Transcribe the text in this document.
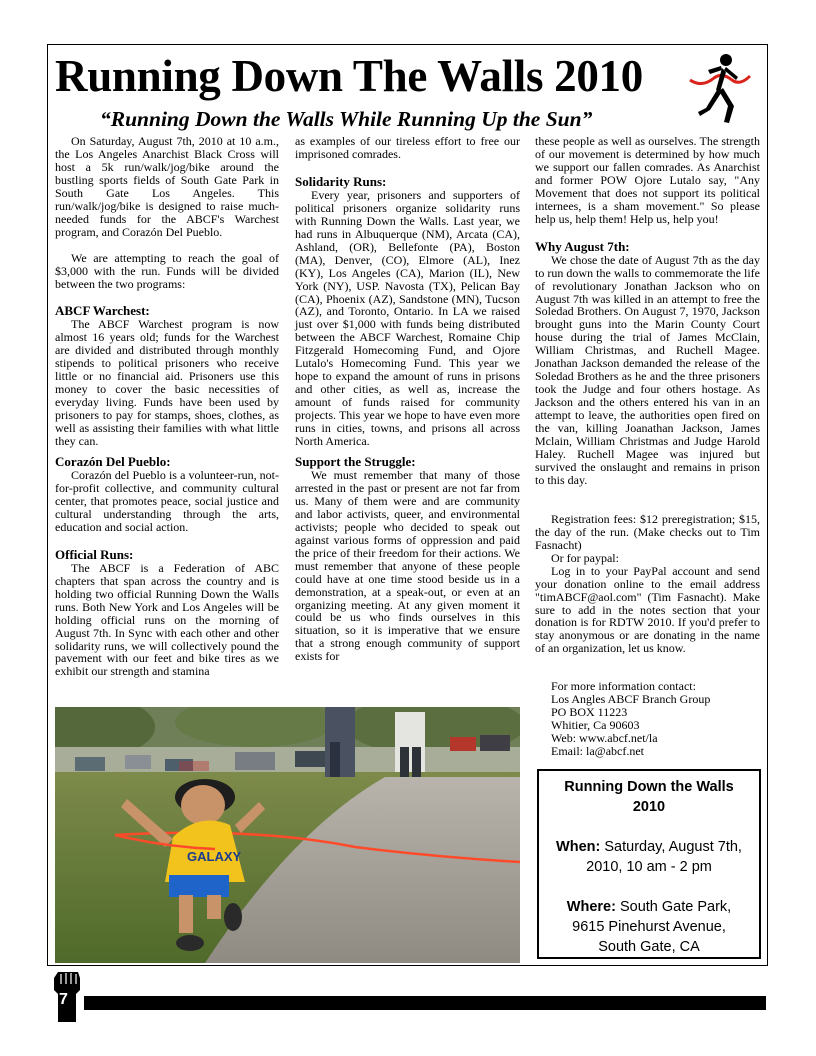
Running Down The Walls 2010
“Running Down the Walls While Running Up the Sun”

On Saturday, August 7th, 2010 at 10 a.m., the Los Angeles Anarchist Black Cross will host a 5k run/walk/jog/bike around the bustling sports fields of South Gate Park in South Gate Los Angeles. This run/walk/jog/bike is designed to raise much-needed funds for the ABCF's Warchest program, and Corazón Del Pueblo.

We are attempting to reach the goal of $3,000 with the run. Funds will be divided between the two programs:

ABCF Warchest:

The ABCF Warchest program is now almost 16 years old; funds for the Warchest are divided and distributed through monthly stipends to political prisoners who receive little or no financial aid. Prisoners use this money to cover the basic necessities of everyday living. Funds have been used by prisoners to pay for stamps, shoes, clothes, as well as assisting their families with what little they can.

Corazón Del Pueblo:

Corazón del Pueblo is a volunteer-run, not-for-profit collective, and community cultural center, that promotes peace, social justice and cultural understanding through the arts, education and social action.

Official Runs:

The ABCF is a Federation of ABC chapters that span across the country and is holding two official Running Down the Walls runs. Both New York and Los Angeles will be holding official runs on the morning of August 7th. In Sync with each other and other solidarity runs, we will collectively pound the pavement with our feet and bike tires as we exhibit our strength and stamina

as examples of our tireless effort to free our imprisoned comrades.

Solidarity Runs:

Every year, prisoners and supporters of political prisoners organize solidarity runs with Running Down the Walls. Last year, we had runs in Albuquerque (NM), Arcata (CA), Ashland, (OR), Bellefonte (PA), Boston (MA), Denver, (CO), Elmore (AL), Inez (KY), Los Angeles (CA), Marion (IL), New York (NY), USP. Navosta (TX), Pelican Bay (CA), Phoenix (AZ), Sandstone (MN), Tucson (AZ), and Toronto, Ontario. In LA we raised just over $1,000 with funds being distributed between the ABCF Warchest, Romaine Chip Fitzgerald Homecoming Fund, and Ojore Lutalo's Homecoming Fund. This year we hope to expand the amount of runs in prisons and other cities, as well as, increase the amount of funds raised for community projects. This year we hope to have even more runs in cities, towns, and prisons all across North America.

Support the Struggle:

We must remember that many of those arrested in the past or present are not far from us. Many of them were and are community and labor activists, queer, and environmental activists; people who decided to speak out against various forms of oppression and paid the price of their freedom for their actions. We must remember that anyone of these people could have at one time stood beside us in a demonstration, at a speak-out, or even at an organizing meeting. At any given moment it could be us who finds ourselves in this situation, so it is imperative that we ensure that a strong enough community of support exists for

these people as well as ourselves. The strength of our movement is determined by how much we support our fallen comrades. As Anarchist and former POW Ojore Lutalo say, "Any Movement that does not support its political internees, is a sham movement." So please help us, help them! Help us, help you!

Why August 7th:

We chose the date of August 7th as the day to run down the walls to commemorate the life of revolutionary Jonathan Jackson who on August 7th was killed in an attempt to free the Soledad Brothers. On August 7, 1970, Jackson brought guns into the Marin County Court house during the trial of James McClain, William Christmas, and Ruchell Magee. Jonathan Jackson demanded the release of the Soledad Brothers as he and the three prisoners took the Judge and four others hostage. As Jackson and the others entered his van in an attempt to leave, the authorities open fired on the van, killing Joanathan Jackson, James Mclain, William Christmas and Judge Harold Haley. Ruchell Magee was injured but survived the onslaught and remains in prison to this day.

Registration fees: $12 preregistration; $15, the day of the run. (Make checks out to Tim Fasnacht)

Or for paypal:

Log in to your PayPal account and send your donation online to the email address "timABCF@aol.com" (Tim Fasnacht). Make sure to add in the notes section that your donation is for RDTW 2010. If you'd prefer to stay anonymous or are donating in the name of an organization, let us know.

For more information contact:
Los Angles ABCF Branch Group
PO BOX 11223
Whitier, Ca 90603
Web: www.abcf.net/la
Email: la@abcf.net
GALAXY
Running Down the Walls
2010
When: Saturday, August 7th,
2010, 10 am - 2 pm
Where: South Gate Park,
9615 Pinehurst Avenue,
South Gate, CA
7
